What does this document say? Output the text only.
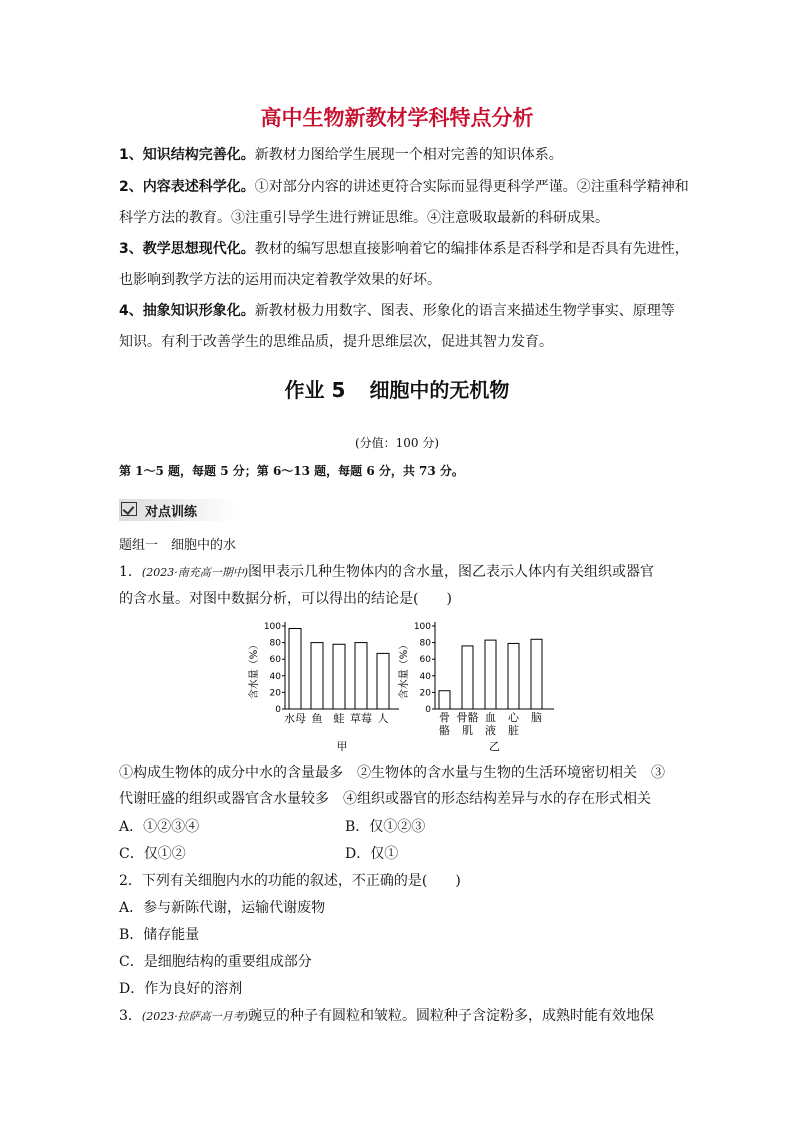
高中生物新教材学科特点分析
1、知识结构完善化。新教材力图给学生展现一个相对完善的知识体系。
2、内容表述科学化。①对部分内容的讲述更符合实际而显得更科学严谨。②注重科学精神和
科学方法的教育。③注重引导学生进行辨证思维。④注意吸取最新的科研成果。
3、教学思想现代化。教材的编写思想直接影响着它的编排体系是否科学和是否具有先进性，
也影响到教学方法的运用而决定着教学效果的好坏。
4、抽象知识形象化。新教材极力用数字、图表、形象化的语言来描述生物学事实、原理等
知识。有利于改善学生的思维品质，提升思维层次，促进其智力发育。
作业 5 细胞中的无机物
(分值：100 分)
第 1～5 题，每题 5 分；第 6～13 题，每题 6 分，共 73 分。
对点训练
题组一　细胞中的水
1．(2023·南充高一期中)图甲表示几种生物体内的含水量，图乙表示人体内有关组织或器官
的含水量。对图中数据分析，可以得出的结论是(　　)
含水量（%）
0
20
40
60
80
100
水母 鱼 蛙 草莓 人
甲
含水量（%）
0
20
40
60
80
100
骨
骼
骨骼
肌
血
液
心
脏
脑
乙
①构成生物体的成分中水的含量最多　②生物体的含水量与生物的生活环境密切相关　③
代谢旺盛的组织或器官含水量较多　④组织或器官的形态结构差异与水的存在形式相关
A．①②③④	B．仅①②③
C．仅①②	D．仅①
2．下列有关细胞内水的功能的叙述，不正确的是(　　)
A．参与新陈代谢，运输代谢废物
B．储存能量
C．是细胞结构的重要组成部分
D．作为良好的溶剂
3．(2023·拉萨高一月考)豌豆的种子有圆粒和皱粒。圆粒种子含淀粉多，成熟时能有效地保
